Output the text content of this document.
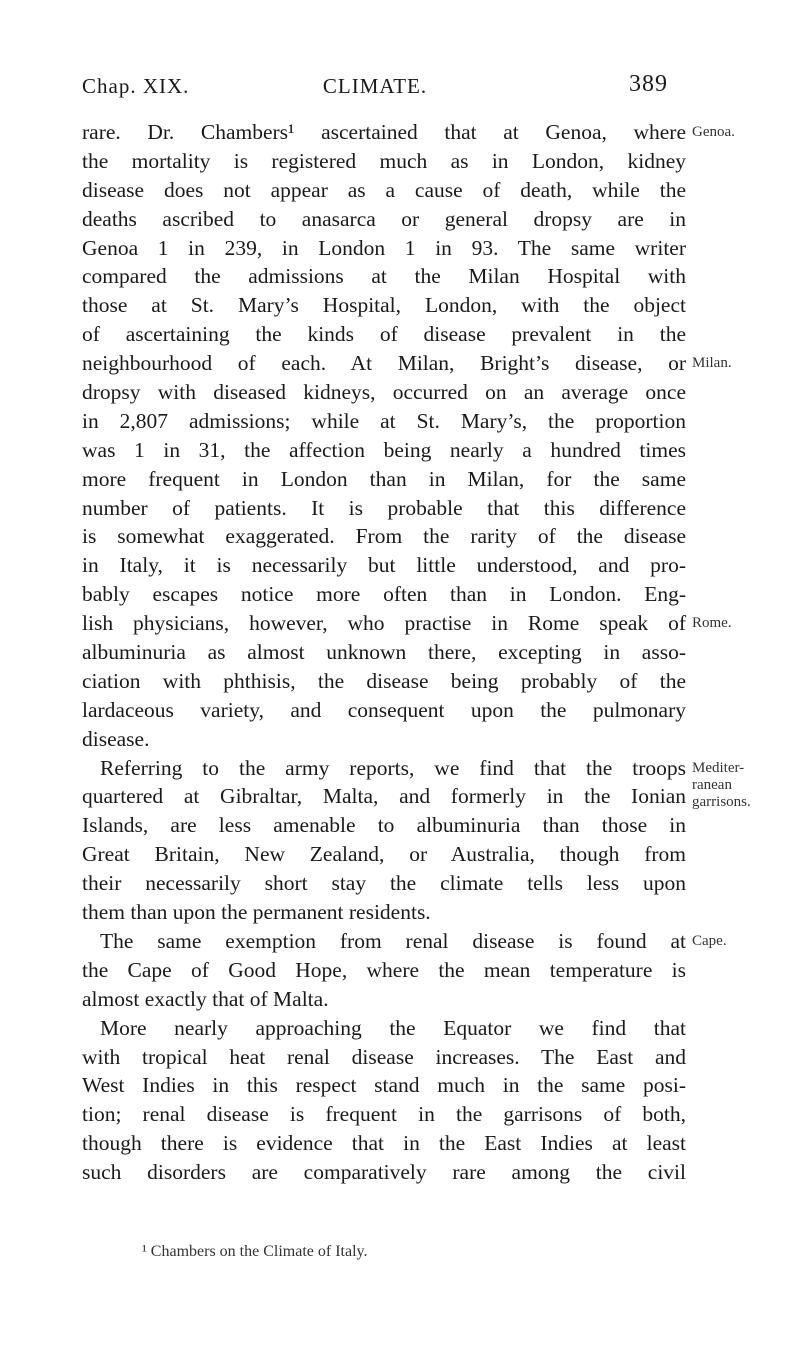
Chap. XIX.	CLIMATE.	389
rare. Dr. Chambers¹ ascertained that at Genoa, where
the mortality is registered much as in London, kidney
disease does not appear as a cause of death, while the
deaths ascribed to anasarca or general dropsy are in
Genoa 1 in 239, in London 1 in 93. The same writer
compared the admissions at the Milan Hospital with
those at St. Mary’s Hospital, London, with the object
of ascertaining the kinds of disease prevalent in the
neighbourhood of each. At Milan, Bright’s disease, or
dropsy with diseased kidneys, occurred on an average once
in 2,807 admissions; while at St. Mary’s, the proportion
was 1 in 31, the affection being nearly a hundred times
more frequent in London than in Milan, for the same
number of patients. It is probable that this difference
is somewhat exaggerated. From the rarity of the disease
in Italy, it is necessarily but little understood, and pro-
bably escapes notice more often than in London. Eng-
lish physicians, however, who practise in Rome speak of
albuminuria as almost unknown there, excepting in asso-
ciation with phthisis, the disease being probably of the
lardaceous variety, and consequent upon the pulmonary
disease.
Referring to the army reports, we find that the troops
quartered at Gibraltar, Malta, and formerly in the Ionian
Islands, are less amenable to albuminuria than those in
Great Britain, New Zealand, or Australia, though from
their necessarily short stay the climate tells less upon
them than upon the permanent residents.
The same exemption from renal disease is found at
the Cape of Good Hope, where the mean temperature is
almost exactly that of Malta.
More nearly approaching the Equator we find that
with tropical heat renal disease increases. The East and
West Indies in this respect stand much in the same posi-
tion; renal disease is frequent in the garrisons of both,
though there is evidence that in the East Indies at least
such disorders are comparatively rare among the civil
Genoa.
Milan.
Rome.
Mediter-
ranean
garrisons.
Cape.
¹ Chambers on the Climate of Italy.
